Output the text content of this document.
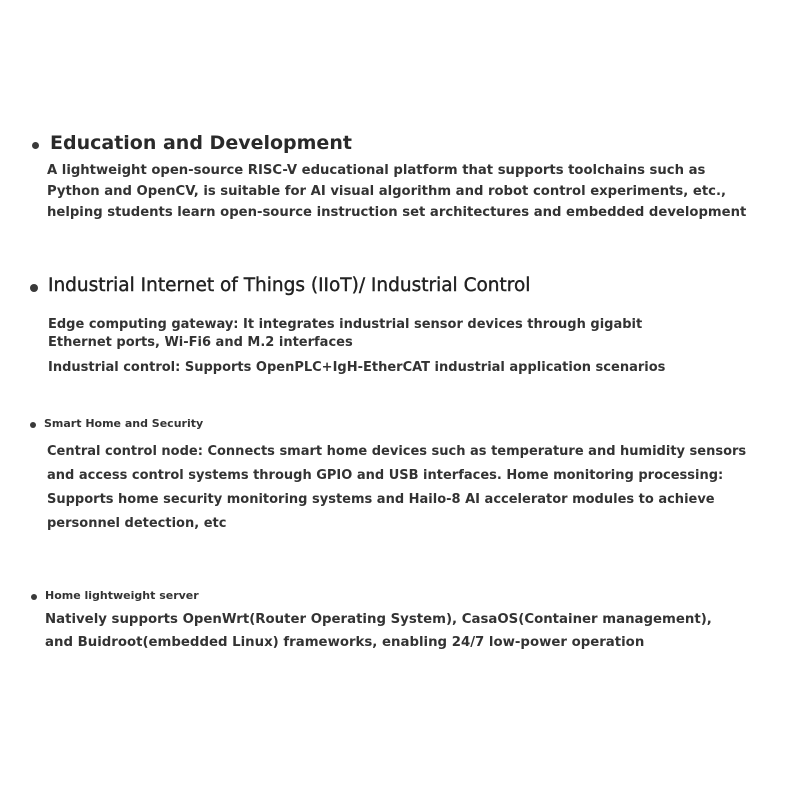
Education and Development

A lightweight open-source RISC-V educational platform that supports toolchains such as Python and OpenCV, is suitable for AI visual algorithm and robot control experiments, etc., helping students learn open-source instruction set architectures and embedded development

Industrial Internet of Things (IIoT)/ Industrial Control

Edge computing gateway: It integrates industrial sensor devices through gigabit Ethernet ports, Wi-Fi6 and M.2 interfaces

Industrial control: Supports OpenPLC+IgH-EtherCAT industrial application scenarios

Smart Home and Security

Central control node: Connects smart home devices such as temperature and humidity sensors and access control systems through GPIO and USB interfaces. Home monitoring processing: Supports home security monitoring systems and Hailo-8 AI accelerator modules to achieve personnel detection, etc

Home lightweight server

Natively supports OpenWrt(Router Operating System), CasaOS(Container management), and Buidroot(embedded Linux) frameworks, enabling 24/7 low-power operation
